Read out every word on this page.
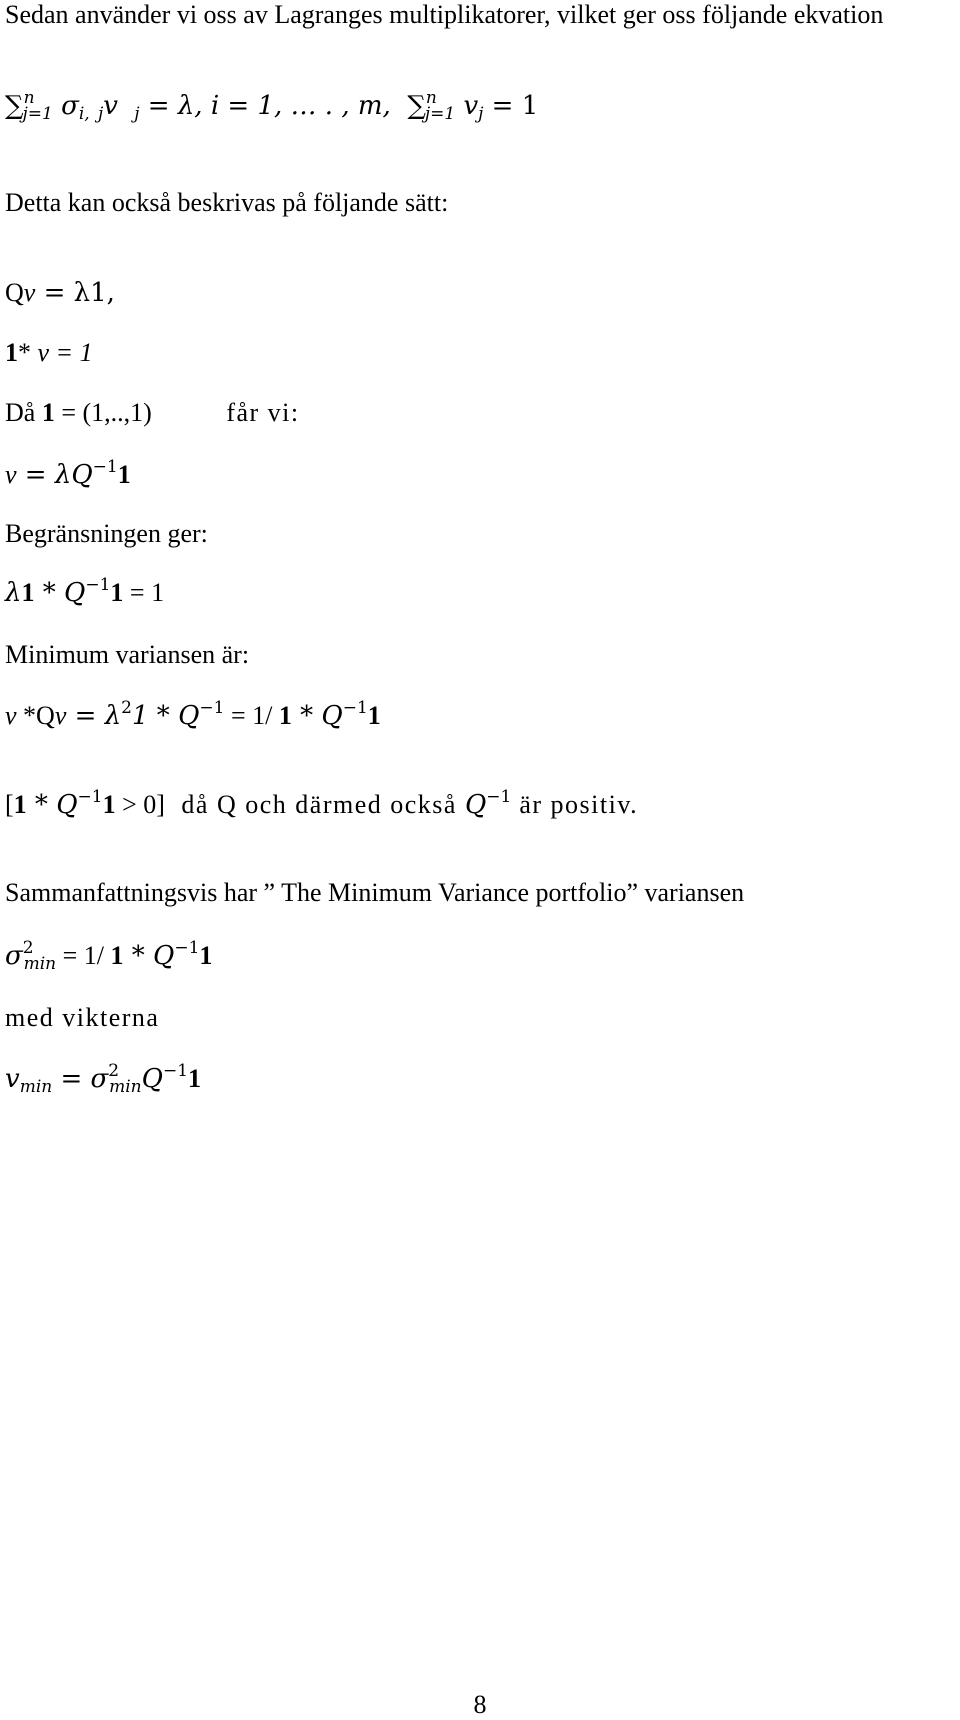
Sedan använder vi oss av Lagranges multiplikatorer, vilket ger oss följande ekvation
∑$^n_{j=1}$ $\sigma_{i,}$ $_j$v $_j$ = λ, i = 1, … . , m,  ∑$^n_{j=1}$ $v_j = 1$
Detta kan också beskrivas på följande sätt:
Qv = λ1,
1* v = 1
Då 1 = (1,..,1)	får vi:
$v = \lambda Q^{-1}1$
Begränsningen ger:
$\lambda 1 * Q^{-1}1 = 1$
Minimum variansen är:
v $*Qv = \lambda^21 * Q^{-1} = 1/$ $1 * Q^{-1}1$
$[1 * Q^{-1}1 > 0]$ då Q och därmed också $Q^{-1}$ är positiv.
Sammanfattningsvis har ” The Minimum Variance portfolio” variansen
$\sigma^2_{min} = 1/$ $1 * Q^{-1}1$
med vikterna
$v_{min} = \sigma^2_{min}Q^{-1}1$
8
